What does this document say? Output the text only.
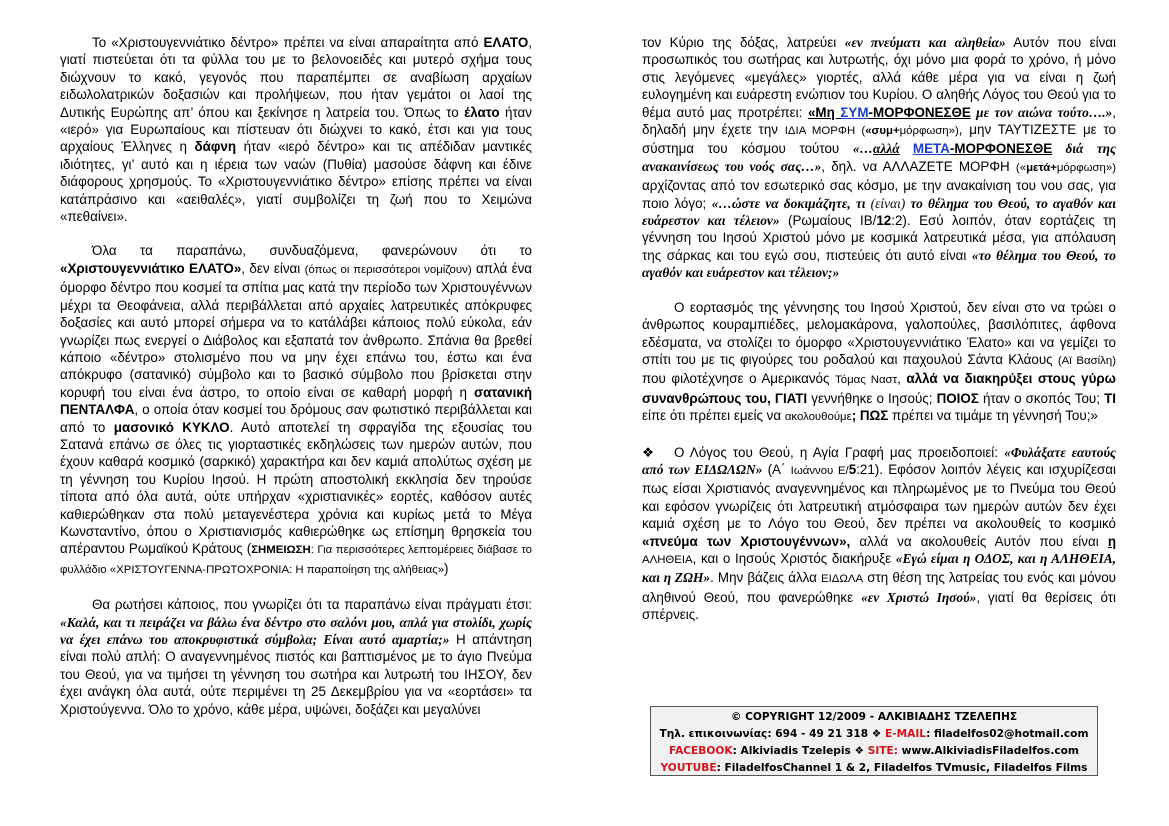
Το «Χριστουγεννιάτικο δέντρο» πρέπει να είναι απαραίτητα από ΕΛΑΤΟ, γιατί πιστεύεται ότι τα φύλλα του με το βελονοειδές και μυτερό σχήμα τους διώχνουν το κακό, γεγονός που παραπέμπει σε αναβίωση αρχαίων ειδωλολατρικών δοξασιών και προλήψεων, που ήταν γεμάτοι οι λαοί της Δυτικής Ευρώπης απ’ όπου και ξεκίνησε η λατρεία του. Όπως το έλατο ήταν «ιερό» για Ευρωπαίους και πίστευαν ότι διώχνει το κακό, έτσι και για τους αρχαίους Έλληνες η δάφνη ήταν «ιερό δέντρο» και τις απέδιδαν μαντικές ιδιότητες, γι’ αυτό και η ιέρεια των ναών (Πυθία) μασούσε δάφνη και έδινε διάφορους χρησμούς. Το «Χριστουγεννιάτικο δέντρο» επίσης πρέπει να είναι κατάπράσινο και «αειθαλές», γιατί συμβολίζει τη ζωή που το Χειμώνα «πεθαίνει».

Όλα τα παραπάνω, συνδυαζόμενα, φανερώνουν ότι το «Χριστουγεννιάτικο ΕΛΑΤΟ», δεν είναι (όπως οι περισσότεροι νομίζουν) απλά ένα όμορφο δέντρο που κοσμεί τα σπίτια μας κατά την περίοδο των Χριστουγέννων μέχρι τα Θεοφάνεια, αλλά περιβάλλεται από αρχαίες λατρευτικές απόκρυφες δοξασίες και αυτό μπορεί σήμερα να το κατάλάβει κάποιος πολύ εύκολα, εάν γνωρίζει πως ενεργεί ο Διάβολος και εξαπατά τον άνθρωπο. Σπάνια θα βρεθεί κάποιο «δέντρο» στολισμένο που να μην έχει επάνω του, έστω και ένα απόκρυφο (σατανικό) σύμβολο και το βασικό σύμβολο που βρίσκεται στην κορυφή του είναι ένα άστρο, το οποίο είναι σε καθαρή μορφή η σατανική ΠΕΝΤΑΛΦΑ, ο οποία όταν κοσμεί του δρόμους σαν φωτιστικό περιβάλλεται και από το μασονικό ΚΥΚΛΟ. Αυτό αποτελεί τη σφραγίδα της εξουσίας του Σατανά επάνω σε όλες τις γιορταστικές εκδηλώσεις των ημερών αυτών, που έχουν καθαρά κοσμικό (σαρκικό) χαρακτήρα και δεν καμιά απολύτως σχέση με τη γέννηση του Κυρίου Ιησού. Η πρώτη αποστολική εκκλησία δεν τηρούσε τίποτα από όλα αυτά, ούτε υπήρχαν «χριστιανικές» εορτές, καθόσον αυτές καθιερώθηκαν στα πολύ μεταγενέστερα χρόνια και κυρίως μετά το Μέγα Κωνσταντίνο, όπου ο Χριστιανισμός καθιερώθηκε ως επίσημη θρησκεία του απέραντου Ρωμαϊκού Κράτους (ΣΗΜΕΙΩΣΗ: Για περισσότερες λεπτομέρειες διάβασε το φυλλάδιο «ΧΡΙΣΤΟΥΓΕΝΝΑ-ΠΡΩΤΟΧΡΟΝΙΑ: Η παραποίηση της αλήθειας»)

Θα ρωτήσει κάποιος, που γνωρίζει ότι τα παραπάνω είναι πράγματι έτσι: «Καλά, και τι πειράζει να βάλω ένα δέντρο στο σαλόνι μου, απλά για στολίδι, χωρίς να έχει επάνω του αποκρυφιστικά σύμβολα; Είναι αυτό αμαρτία;» Η απάντηση είναι πολύ απλή: Ο αναγεννημένος πιστός και βαπτισμένος με το άγιο Πνεύμα του Θεού, για να τιμήσει τη γέννηση του σωτήρα και λυτρωτή του ΙΗΣΟΥ, δεν έχει ανάγκη όλα αυτά, ούτε περιμένει τη 25 Δεκεμβρίου για να «εορτάσει» τα Χριστούγεννα. Όλο το χρόνο, κάθε μέρα, υψώνει, δοξάζει και μεγαλύνει

τον Κύριο της δόξας, λατρεύει «εν πνεύματι και αληθεία» Αυτόν που είναι προσωπικός του σωτήρας και λυτρωτής, όχι μόνο μια φορά το χρόνο, ή μόνο στις λεγόμενες «μεγάλες» γιορτές, αλλά κάθε μέρα για να είναι η ζωή ευλογημένη και ευάρεστη ενώπιον του Κυρίου. Ο αληθής Λόγος του Θεού για το θέμα αυτό μας προτρέπει: «Μη ΣΥΜ-ΜΟΡΦΟΝΕΣΘΕ με τον αιώνα τούτο….», δηλαδή μην έχετε την ΙΔΙΑ ΜΟΡΦΗ («συμ+μόρφωση»), μην ΤΑΥΤΙΖΕΣΤΕ με το σύστημα του κόσμου τούτου «…αλλά ΜΕΤΑ-ΜΟΡΦΟΝΕΣΘΕ διά της ανακαινίσεως του νοός σας…», δηλ. να ΑΛΛΑΖΕΤΕ ΜΟΡΦΗ («μετά+μόρφωση») αρχίζοντας από τον εσωτερικό σας κόσμο, με την ανακαίνιση του νου σας, για ποιο λόγο; «…ώστε να δοκιμάζητε, τι (είναι) το θέλημα του Θεού, το αγαθόν και ευάρεστον και τέλειον» (Ρωμαίους ΙΒ/12:2). Εσύ λοιπόν, όταν εορτάζεις τη γέννηση του Ιησού Χριστού μόνο με κοσμικά λατρευτικά μέσα, για απόλαυση της σάρκας και του εγώ σου, πιστεύεις ότι αυτό είναι «το θέλημα του Θεού, το αγαθόν και ευάρεστον και τέλειον;»

Ο εορτασμός της γέννησης του Ιησού Χριστού, δεν είναι στο να τρώει ο άνθρωπος κουραμπιέδες, μελομακάρονα, γαλοπούλες, βασιλόπιτες, άφθονα εδέσματα, να στολίζει το όμορφο «Χριστουγεννιάτικο Έλατο» και να γεμίζει το σπίτι του με τις φιγούρες του ροδαλού και παχουλού Σάντα Κλάους (Αϊ Βασίλη) που φιλοτέχνησε ο Αμερικανός Τόμας Ναστ, αλλά να διακηρύξει στους γύρω συνανθρώπους του, ΓΙΑΤΙ γεννήθηκε ο Ιησούς; ΠΟΙΟΣ ήταν ο σκοπός Του; ΤΙ είπε ότι πρέπει εμείς να ακολουθούμε; ΠΩΣ πρέπει να τιμάμε τη γέννησή Του;»

❖ Ο Λόγος του Θεού, η Αγία Γραφή μας προειδοποιεί: «Φυλάξατε εαυτούς από των ΕΙΔΩΛΩΝ» (Α΄ Ιωάννου Ε/5:21). Εφόσον λοιπόν λέγεις και ισχυρίζεσαι πως είσαι Χριστιανός αναγεννημένος και πληρωμένος με το Πνεύμα του Θεού και εφόσον γνωρίζεις ότι λατρευτική ατμόσφαιρα των ημερών αυτών δεν έχει καμιά σχέση με το Λόγο του Θεού, δεν πρέπει να ακολουθείς το κοσμικό «πνεύμα των Χριστουγέννων», αλλά να ακολουθείς Αυτόν που είναι η ΑΛΗΘΕΙΑ, και ο Ιησούς Χριστός διακήρυξε «Εγώ είμαι η ΟΔΟΣ, και η ΑΛΗΘΕΙΑ, και η ΖΩΗ». Μην βάζεις άλλα ΕΙΔΩΛΑ στη θέση της λατρείας του ενός και μόνου αληθινού Θεού, που φανερώθηκε «εν Χριστώ Ιησού», γιατί θα θερίσεις ότι σπέρνεις.

© COPYRIGHT 12/2009 - ΑΛΚΙΒΙΑΔΗΣ ΤΖΕΛΕΠΗΣ
Τηλ. επικοινωνίας: 694 - 49 21 318 ❖ E-MAIL: filadelfos02@hotmail.com
FACEBOOK: Alkiviadis Tzelepis ❖ SITE: www.AlkiviadisFiladelfos.com
YOUTUBE: FiladelfosChannel 1 & 2, Filadelfos TVmusic, Filadelfos Films
